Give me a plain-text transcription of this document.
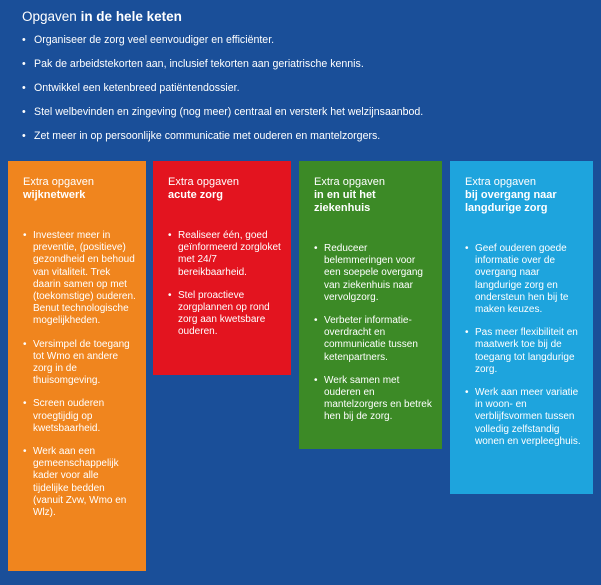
Opgaven in de hele keten
• Organiseer de zorg veel eenvoudiger en efficiënter.
• Pak de arbeidstekorten aan, inclusief tekorten aan geriatrische kennis.
• Ontwikkel een ketenbreed patiëntendossier.
• Stel welbevinden en zingeving (nog meer) centraal en versterk het welzijnsaanbod.
• Zet meer in op persoonlijke communicatie met ouderen en mantelzorgers.
Extra opgaven
wijknetwerk
• Investeer meer in preventie, (positieve) gezondheid en behoud van vitaliteit. Trek daarin samen op met (toekomstige) ouderen. Benut technologische mogelijkheden.
• Versimpel de toegang tot Wmo en andere zorg in de thuisomgeving.
• Screen ouderen vroegtijdig op kwetsbaarheid.
• Werk aan een gemeenschappelijk kader voor alle tijdelijke bedden (vanuit Zvw, Wmo en Wlz).
Extra opgaven
acute zorg
• Realiseer één, goed geïnformeerd zorgloket met 24/7 bereikbaarheid.
• Stel proactieve zorgplannen op rond zorg aan kwetsbare ouderen.
Extra opgaven
in en uit het ziekenhuis
• Reduceer belemmeringen voor een soepele overgang van ziekenhuis naar vervolgzorg.
• Verbeter informatie-overdracht en communicatie tussen ketenpartners.
• Werk samen met ouderen en mantelzorgers en betrek hen bij de zorg.
Extra opgaven
bij overgang naar langdurige zorg
• Geef ouderen goede informatie over de overgang naar langdurige zorg en ondersteun hen bij te maken keuzes.
• Pas meer flexibiliteit en maatwerk toe bij de toegang tot langdurige zorg.
• Werk aan meer variatie in woon- en verblijfsvormen tussen volledig zelfstandig wonen en verpleeghuis.
